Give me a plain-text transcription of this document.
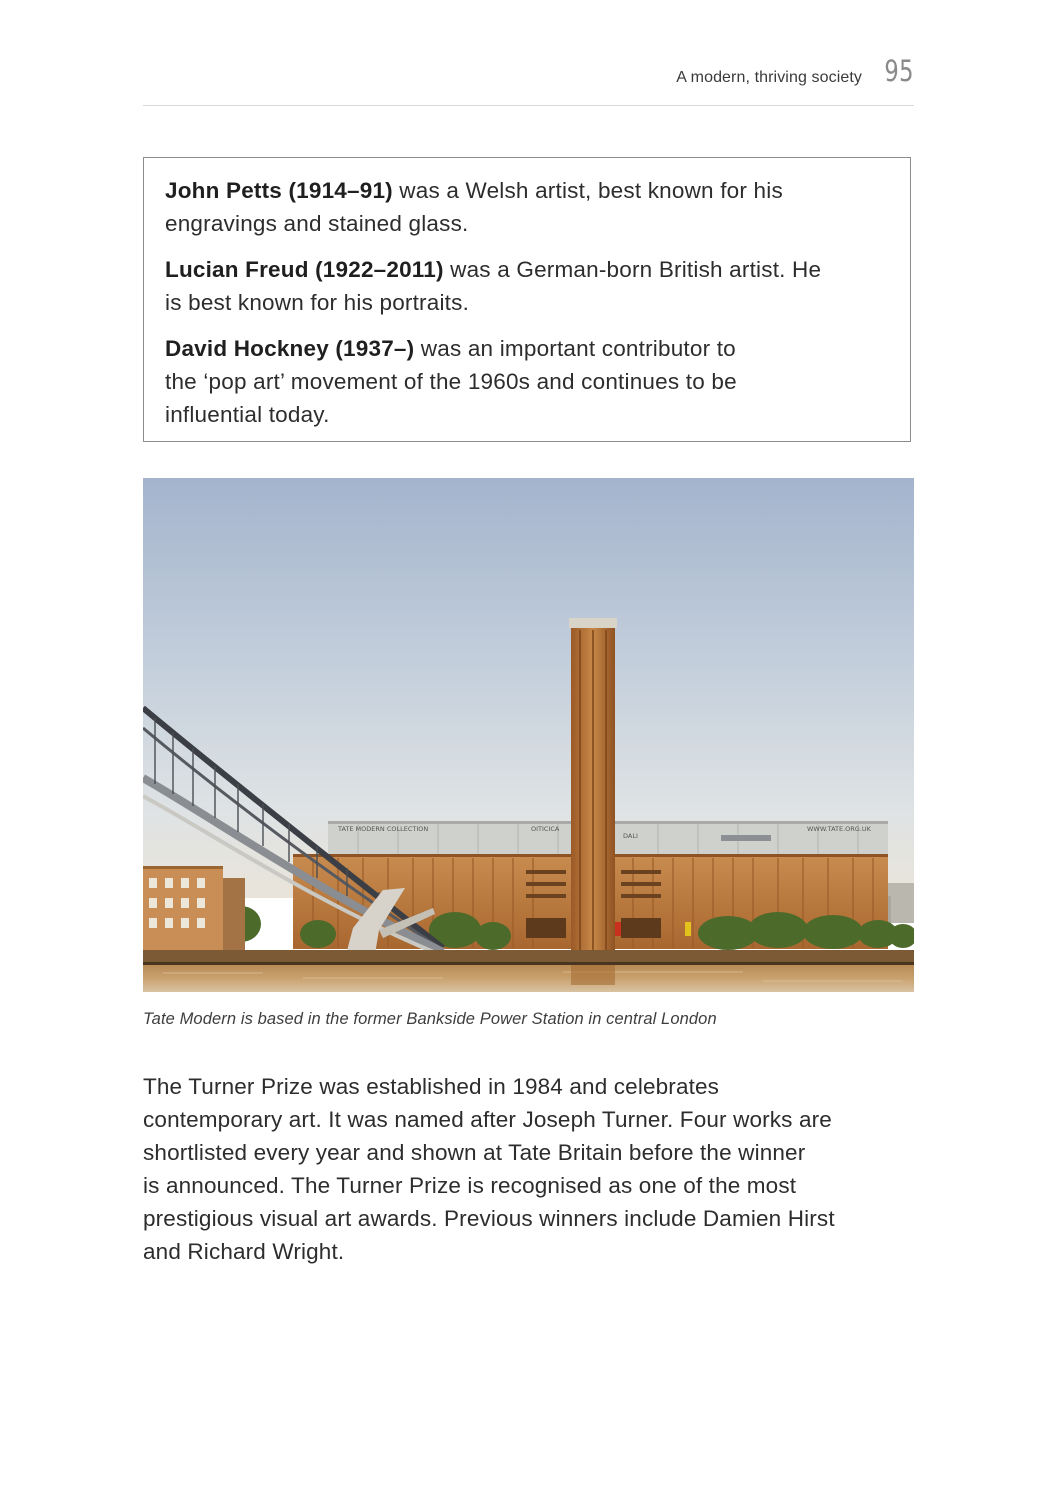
A modern, thriving society 95

John Petts (1914–91) was a Welsh artist, best known for his
engravings and stained glass.

Lucian Freud (1922–2011) was a German-born British artist. He
is best known for his portraits.

David Hockney (1937–) was an important contributor to
the ‘pop art’ movement of the 1960s and continues to be
influential today.

TATE MODERN COLLECTION	OITICICA
DALI
WWW.TATE.ORG.UK
Tate Modern is based in the former Bankside Power Station in central London

The Turner Prize was established in 1984 and celebrates
contemporary art. It was named after Joseph Turner. Four works are
shortlisted every year and shown at Tate Britain before the winner
is announced. The Turner Prize is recognised as one of the most
prestigious visual art awards. Previous winners include Damien Hirst
and Richard Wright.
